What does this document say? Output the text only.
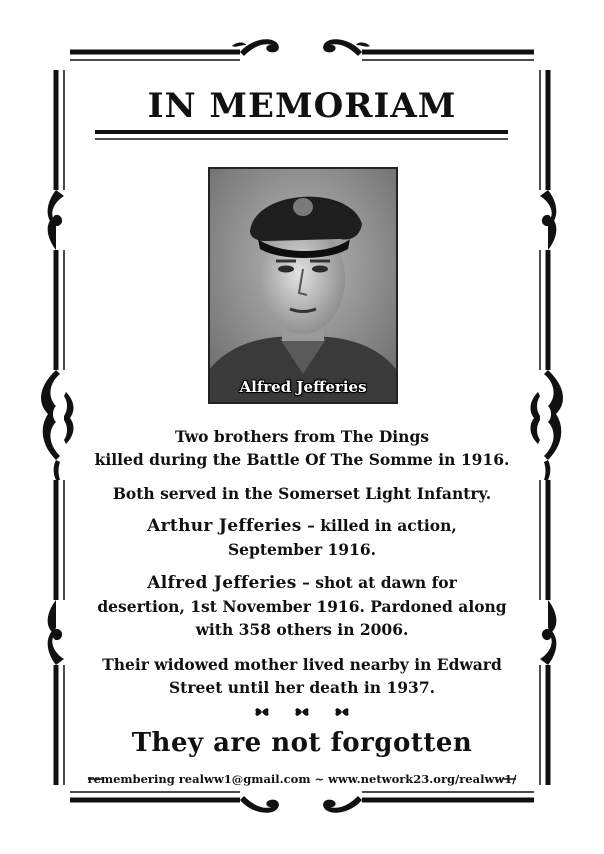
IN MEMORIAM
Alfred Jefferies
Two brothers from The Dings
killed during the Battle Of The Somme in 1916.
Both served in the Somerset Light Infantry.
Arthur Jefferies – killed in action,
September 1916.
Alfred Jefferies – shot at dawn for
desertion, 1st November 1916. Pardoned along
with 358 others in 2006.
Their widowed mother lived nearby in Edward
Street until her death in 1937.
They are not forgotten
remembering realww1@gmail.com ~ www.network23.org/realww1/
